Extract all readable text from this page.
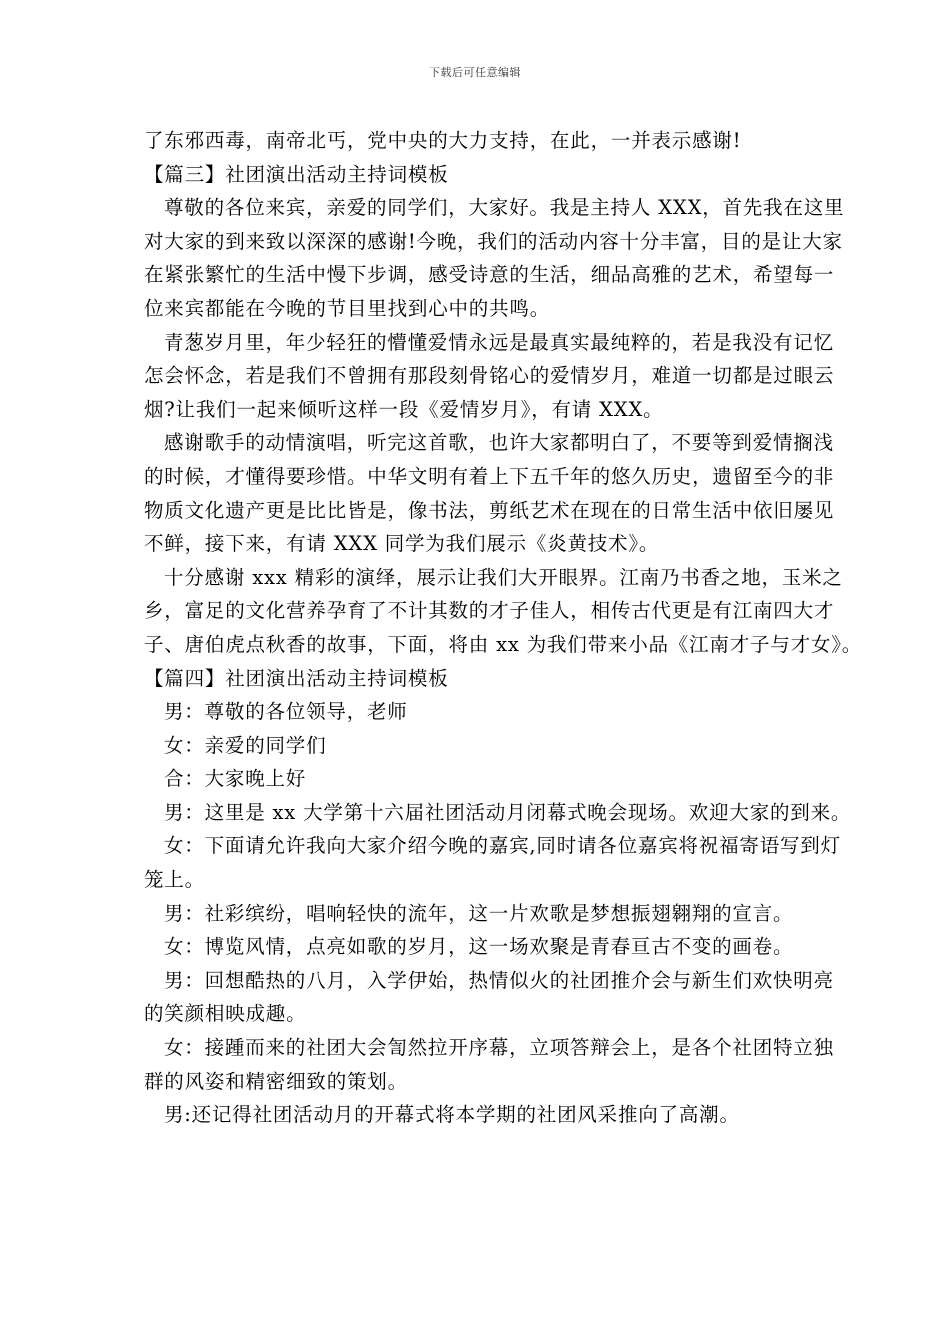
下载后可任意编辑
了东邪西毒，南帝北丐，党中央的大力支持，在此，一并表示感谢!
【篇三】社团演出活动主持词模板
尊敬的各位来宾，亲爱的同学们，大家好。我是主持人 XXX，首先我在这里
对大家的到来致以深深的感谢!今晚，我们的活动内容十分丰富，目的是让大家
在紧张繁忙的生活中慢下步调，感受诗意的生活，细品高雅的艺术，希望每一
位来宾都能在今晚的节目里找到心中的共鸣。
青葱岁月里，年少轻狂的懵懂爱情永远是最真实最纯粹的，若是我没有记忆
怎会怀念，若是我们不曾拥有那段刻骨铭心的爱情岁月，难道一切都是过眼云
烟?让我们一起来倾听这样一段《爱情岁月》，有请 XXX。
感谢歌手的动情演唱，听完这首歌，也许大家都明白了，不要等到爱情搁浅
的时候，才懂得要珍惜。中华文明有着上下五千年的悠久历史，遗留至今的非
物质文化遗产更是比比皆是，像书法，剪纸艺术在现在的日常生活中依旧屡见
不鲜，接下来，有请 XXX 同学为我们展示《炎黄技术》。
十分感谢 xxx 精彩的演绎，展示让我们大开眼界。江南乃书香之地，玉米之
乡，富足的文化营养孕育了不计其数的才子佳人，相传古代更是有江南四大才
子、唐伯虎点秋香的故事，下面，将由 xx 为我们带来小品《江南才子与才女》。
【篇四】社团演出活动主持词模板
男：尊敬的各位领导，老师
女：亲爱的同学们
合：大家晚上好
男：这里是 xx 大学第十六届社团活动月闭幕式晚会现场。欢迎大家的到来。
女：下面请允许我向大家介绍今晚的嘉宾,同时请各位嘉宾将祝福寄语写到灯
笼上。
男：社彩缤纷，唱响轻快的流年，这一片欢歌是梦想振翅翱翔的宣言。
女：博览风情，点亮如歌的岁月，这一场欢聚是青春亘古不变的画卷。
男：回想酷热的八月，入学伊始，热情似火的社团推介会与新生们欢快明亮
的笑颜相映成趣。
女：接踵而来的社团大会訇然拉开序幕，立项答辩会上，是各个社团特立独
群的风姿和精密细致的策划。
男:还记得社团活动月的开幕式将本学期的社团风采推向了高潮。
